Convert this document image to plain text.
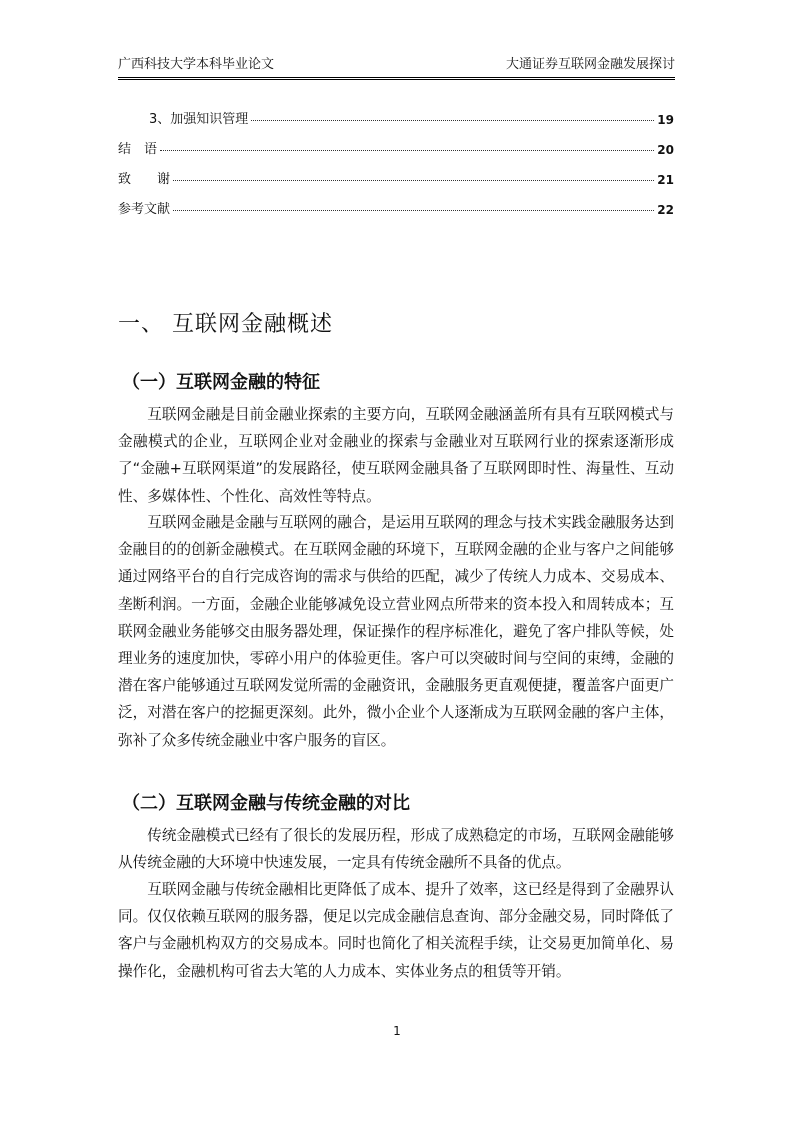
广西科技大学本科毕业论文	大通证券互联网金融发展探讨
3、加强知识管理	19
结　语	20
致　　谢	21
参考文献	22
一、 互联网金融概述
（一）互联网金融的特征

互联网金融是目前金融业探索的主要方向，互联网金融涵盖所有具有互联网模式与金融模式的企业，互联网企业对金融业的探索与金融业对互联网行业的探索逐渐形成了“金融+互联网渠道”的发展路径，使互联网金融具备了互联网即时性、海量性、互动性、多媒体性、个性化、高效性等特点。

互联网金融是金融与互联网的融合，是运用互联网的理念与技术实践金融服务达到金融目的的创新金融模式。在互联网金融的环境下，互联网金融的企业与客户之间能够通过网络平台的自行完成咨询的需求与供给的匹配，减少了传统人力成本、交易成本、垄断利润。一方面，金融企业能够减免设立营业网点所带来的资本投入和周转成本；互联网金融业务能够交由服务器处理，保证操作的程序标准化，避免了客户排队等候，处理业务的速度加快，零碎小用户的体验更佳。客户可以突破时间与空间的束缚，金融的潜在客户能够通过互联网发觉所需的金融资讯，金融服务更直观便捷，覆盖客户面更广泛，对潜在客户的挖掘更深刻。此外，微小企业个人逐渐成为互联网金融的客户主体，弥补了众多传统金融业中客户服务的盲区。

（二）互联网金融与传统金融的对比

传统金融模式已经有了很长的发展历程，形成了成熟稳定的市场，互联网金融能够从传统金融的大环境中快速发展，一定具有传统金融所不具备的优点。

互联网金融与传统金融相比更降低了成本、提升了效率，这已经是得到了金融界认同。仅仅依赖互联网的服务器，便足以完成金融信息查询、部分金融交易，同时降低了客户与金融机构双方的交易成本。同时也简化了相关流程手续，让交易更加简单化、易操作化，金融机构可省去大笔的人力成本、实体业务点的租赁等开销。

1
